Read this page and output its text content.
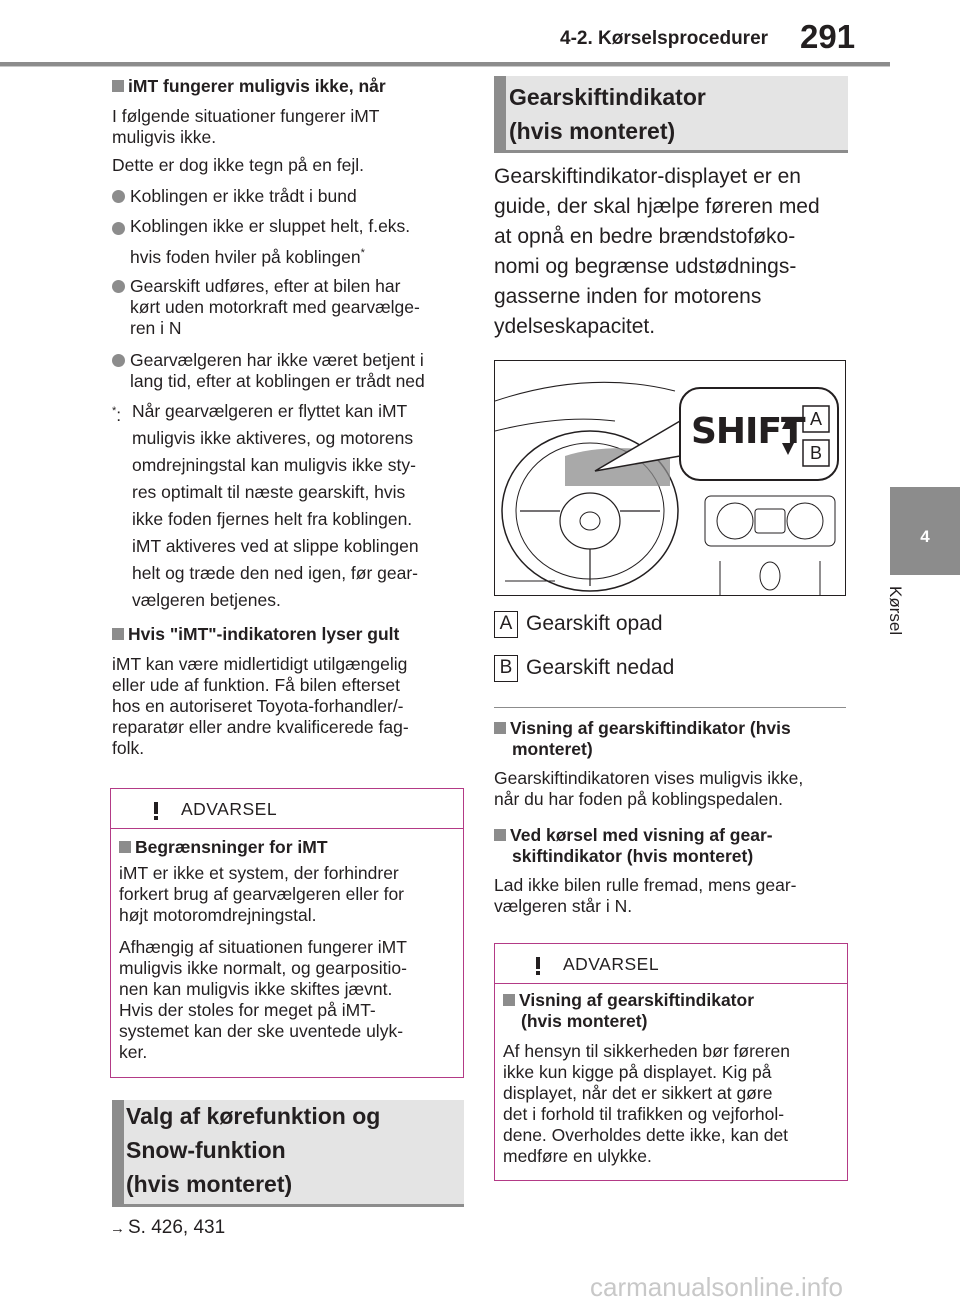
4-2. Kørselsprocedurer 291
4
Kørsel
iMT fungerer muligvis ikke, når
I følgende situationer fungerer iMT
muligvis ikke.
Dette er dog ikke tegn på en fejl.
Koblingen er ikke trådt i bund
Koblingen ikke er sluppet helt, f.eks.
hvis foden hviler på koblingen*
Gearskift udføres, efter at bilen har
kørt uden motorkraft med gearvælge-
ren i N
Gearvælgeren har ikke været betjent i
lang tid, efter at koblingen er trådt ned
*: Når gearvælgeren er flyttet kan iMT
muligvis ikke aktiveres, og motorens
omdrejningstal kan muligvis ikke sty-
res optimalt til næste gearskift, hvis
ikke foden fjernes helt fra koblingen.
iMT aktiveres ved at slippe koblingen
helt og træde den ned igen, før gear-
vælgeren betjenes.
Hvis "iMT"-indikatoren lyser gult
iMT kan være midlertidigt utilgængelig
eller ude af funktion. Få bilen efterset
hos en autoriseret Toyota-forhandler/-
reparatør eller andre kvalificerede fag-
folk.
ADVARSEL
Begrænsninger for iMT
iMT er ikke et system, der forhindrer
forkert brug af gearvælgeren eller for
højt motoromdrejningstal.
Afhængig af situationen fungerer iMT
muligvis ikke normalt, og gearpositio-
nen kan muligvis ikke skiftes jævnt.
Hvis der stoles for meget på iMT-
systemet kan der ske uventede ulyk-
ker.
Valg af kørefunktion og
Snow-funktion
(hvis monteret)
→ S. 426, 431
Gearskiftindikator
(hvis monteret)
Gearskiftindikator-displayet er en
guide, der skal hjælpe føreren med
at opnå en bedre brændstoføko-
nomi og begrænse udstødnings-
gasserne inden for motorens
ydelseskapacitet.
SHIFT A
B
A Gearskift opad
B Gearskift nedad
Visning af gearskiftindikator (hvis
monteret)
Gearskiftindikatoren vises muligvis ikke,
når du har foden på koblingspedalen.
Ved kørsel med visning af gear-
skiftindikator (hvis monteret)
Lad ikke bilen rulle fremad, mens gear-
vælgeren står i N.
ADVARSEL
Visning af gearskiftindikator
(hvis monteret)
Af hensyn til sikkerheden bør føreren
ikke kun kigge på displayet. Kig på
displayet, når det er sikkert at gøre
det i forhold til trafikken og vejforhol-
dene. Overholdes dette ikke, kan det
medføre en ulykke.
carmanualsonline.info
